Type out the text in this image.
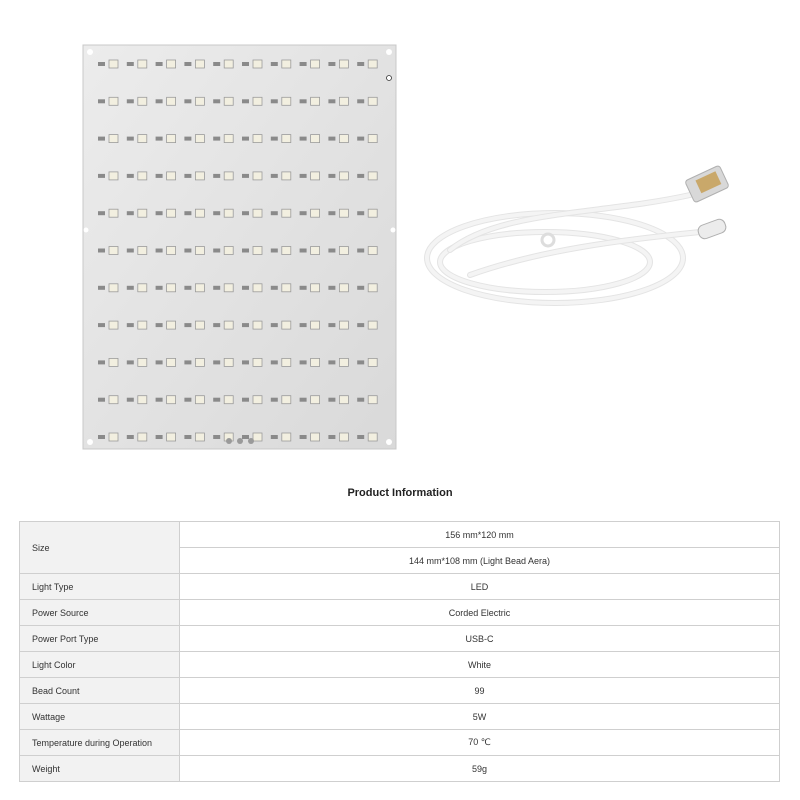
Product Information
Size	156 mm*120 mm
	144 mm*108 mm (Light Bead Aera)
Light Type	LED
Power Source	Corded Electric
Power Port Type	USB-C
Light Color	White
Bead Count	99
Wattage	5W
Temperature during Operation	70 ℃
Weight	59g
